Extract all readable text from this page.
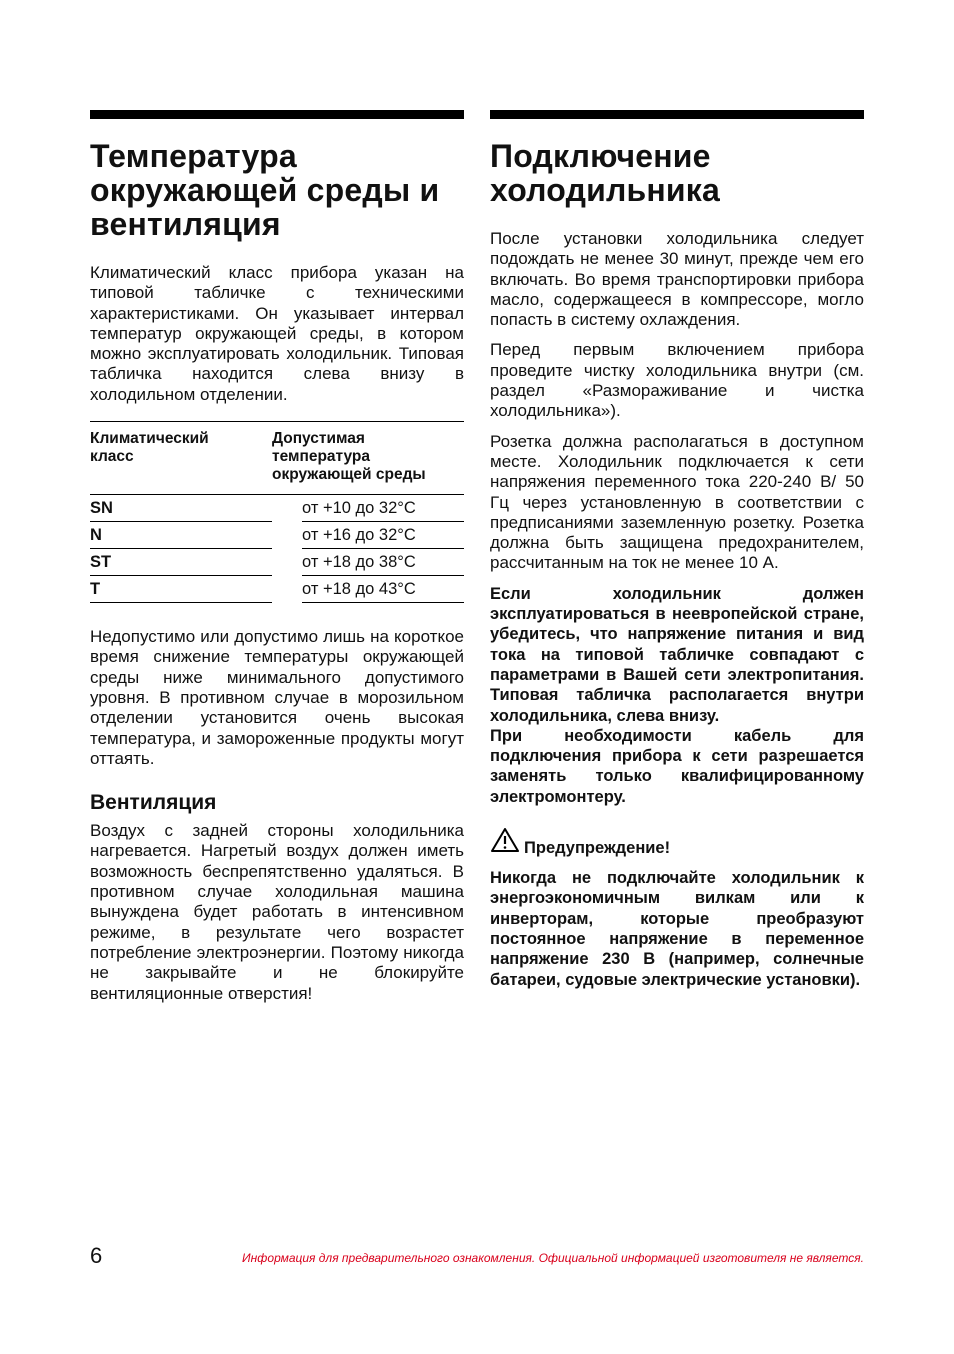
Температура окружающей среды и вентиляция

Климатический класс прибора указан на типовой табличке с техническими характеристиками. Он указывает интервал температур окружающей среды, в котором можно эксплуатировать холодильник. Типовая табличка находится слева внизу в холодильном отделении.

Климатический класс	Допустимая температура окружающей среды	
SN		от +10 до 32°C
N		от +16 до 32°C
ST		от +18 до 38°C
T		от +18 до 43°C

Недопустимо или допустимо лишь на короткое время снижение температуры окружающей среды ниже минимального допустимого уровня. В противном случае в морозильном отделении установится очень высокая температура, и замороженные продукты могут оттаять.

Вентиляция

Воздух с задней стороны холодильника нагревается. Нагретый воздух должен иметь возможность беспрепятственно удаляться. В противном случае холодильная машина вынуждена будет работать в интенсивном режиме, в результате чего возрастет потребление электроэнергии. Поэтому никогда не закрывайте и не блокируйте вентиляционные отверстия!

Подключение холодильника

После установки холодильника следует подождать не менее 30 минут, прежде чем его включать. Во время транспортировки прибора масло, содержащееся в компрессоре, могло попасть в систему охлаждения.

Перед первым включением прибора проведите чистку холодильника внутри (см. раздел «Размораживание и чистка холодильника»).

Розетка должна располагаться в доступном месте. Холодильник подключается к сети напряжения переменного тока 220-240 В/ 50 Гц через установленную в соответствии с предписаниями заземленную розетку. Розетка должна быть защищена предохранителем, рассчитанным на ток не менее 10 А.

Если холодильник должен эксплуатироваться в неевропейской стране, убедитесь, что напряжение питания и вид тока на типовой табличке совпадают с параметрами в Вашей сети электропитания. Типовая табличка располагается внутри холодильника, слева внизу.

При необходимости кабель для подключения прибора к сети разрешается заменять только квалифицированному электромонтеру.

Предупреждение!

Никогда не подключайте холодильник к энергоэкономичным вилкам или к инверторам, которые преобразуют постоянное напряжение в переменное напряжение 230 В (например, солнечные батареи, судовые электрические установки).

6	Информация для предварительного ознакомления. Официальной информацией изготовителя не является.
